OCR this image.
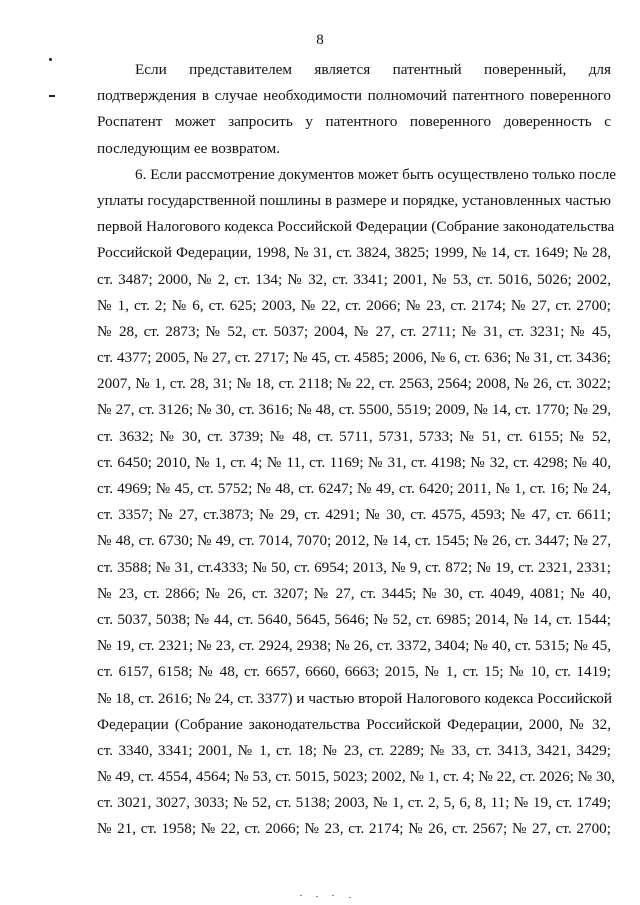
8
Если представителем является патентный поверенный, для
подтверждения в случае необходимости полномочий патентного поверенного
Роспатент может запросить у патентного поверенного доверенность с
последующим ее возвратом.
6. Если рассмотрение документов может быть осуществлено только после
уплаты государственной пошлины в размере и порядке, установленных частью
первой Налогового кодекса Российской Федерации (Собрание законодательства
Российской Федерации, 1998, № 31, ст. 3824, 3825; 1999, № 14, ст. 1649; № 28,
ст. 3487; 2000, № 2, ст. 134; № 32, ст. 3341; 2001, № 53, ст. 5016, 5026; 2002,
№ 1, ст. 2; № 6, ст. 625; 2003, № 22, ст. 2066; № 23, ст. 2174; № 27, ст. 2700;
№ 28, ст. 2873; № 52, ст. 5037; 2004, № 27, ст. 2711; № 31, ст. 3231; № 45,
ст. 4377; 2005, № 27, ст. 2717; № 45, ст. 4585; 2006, № 6, ст. 636; № 31, ст. 3436;
2007, № 1, ст. 28, 31; № 18, ст. 2118; № 22, ст. 2563, 2564; 2008, № 26, ст. 3022;
№ 27, ст. 3126; № 30, ст. 3616; № 48, ст. 5500, 5519; 2009, № 14, ст. 1770; № 29,
ст. 3632; № 30, ст. 3739; № 48, ст. 5711, 5731, 5733; № 51, ст. 6155; № 52,
ст. 6450; 2010, № 1, ст. 4; № 11, ст. 1169; № 31, ст. 4198; № 32, ст. 4298; № 40,
ст. 4969; № 45, ст. 5752; № 48, ст. 6247; № 49, ст. 6420; 2011, № 1, ст. 16; № 24,
ст. 3357; № 27, ст.3873; № 29, ст. 4291; № 30, ст. 4575, 4593; № 47, ст. 6611;
№ 48, ст. 6730; № 49, ст. 7014, 7070; 2012, № 14, ст. 1545; № 26, ст. 3447; № 27,
ст. 3588; № 31, ст.4333; № 50, ст. 6954; 2013, № 9, ст. 872; № 19, ст. 2321, 2331;
№ 23, ст. 2866; № 26, ст. 3207; № 27, ст. 3445; № 30, ст. 4049, 4081; № 40,
ст. 5037, 5038; № 44, ст. 5640, 5645, 5646; № 52, ст. 6985; 2014, № 14, ст. 1544;
№ 19, ст. 2321; № 23, ст. 2924, 2938; № 26, ст. 3372, 3404; № 40, ст. 5315; № 45,
ст. 6157, 6158; № 48, ст. 6657, 6660, 6663; 2015, № 1, ст. 15; № 10, ст. 1419;
№ 18, ст. 2616; № 24, ст. 3377) и частью второй Налогового кодекса Российской
Федерации (Собрание законодательства Российской Федерации, 2000, № 32,
ст. 3340, 3341; 2001, № 1, ст. 18; № 23, ст. 2289; № 33, ст. 3413, 3421, 3429;
№ 49, ст. 4554, 4564; № 53, ст. 5015, 5023; 2002, № 1, ст. 4; № 22, ст. 2026; № 30,
ст. 3021, 3027, 3033; № 52, ст. 5138; 2003, № 1, ст. 2, 5, 6, 8, 11; № 19, ст. 1749;
№ 21, ст. 1958; № 22, ст. 2066; № 23, ст. 2174; № 26, ст. 2567; № 27, ст. 2700;
